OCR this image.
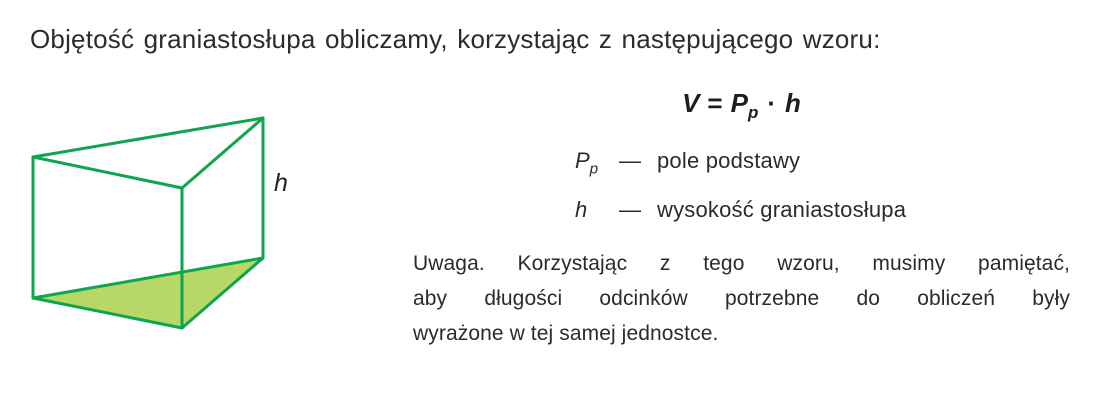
Objętość graniastosłupa obliczamy, korzystając z następującego wzoru:
h
$V = P_p \cdot h$
$P_p$ — pole podstawy
h	— wysokość graniastosłupa
Uwaga. Korzystając z tego wzoru, musimy pamiętać,
aby długości odcinków potrzebne do obliczeń były
wyrażone w tej samej jednostce.
